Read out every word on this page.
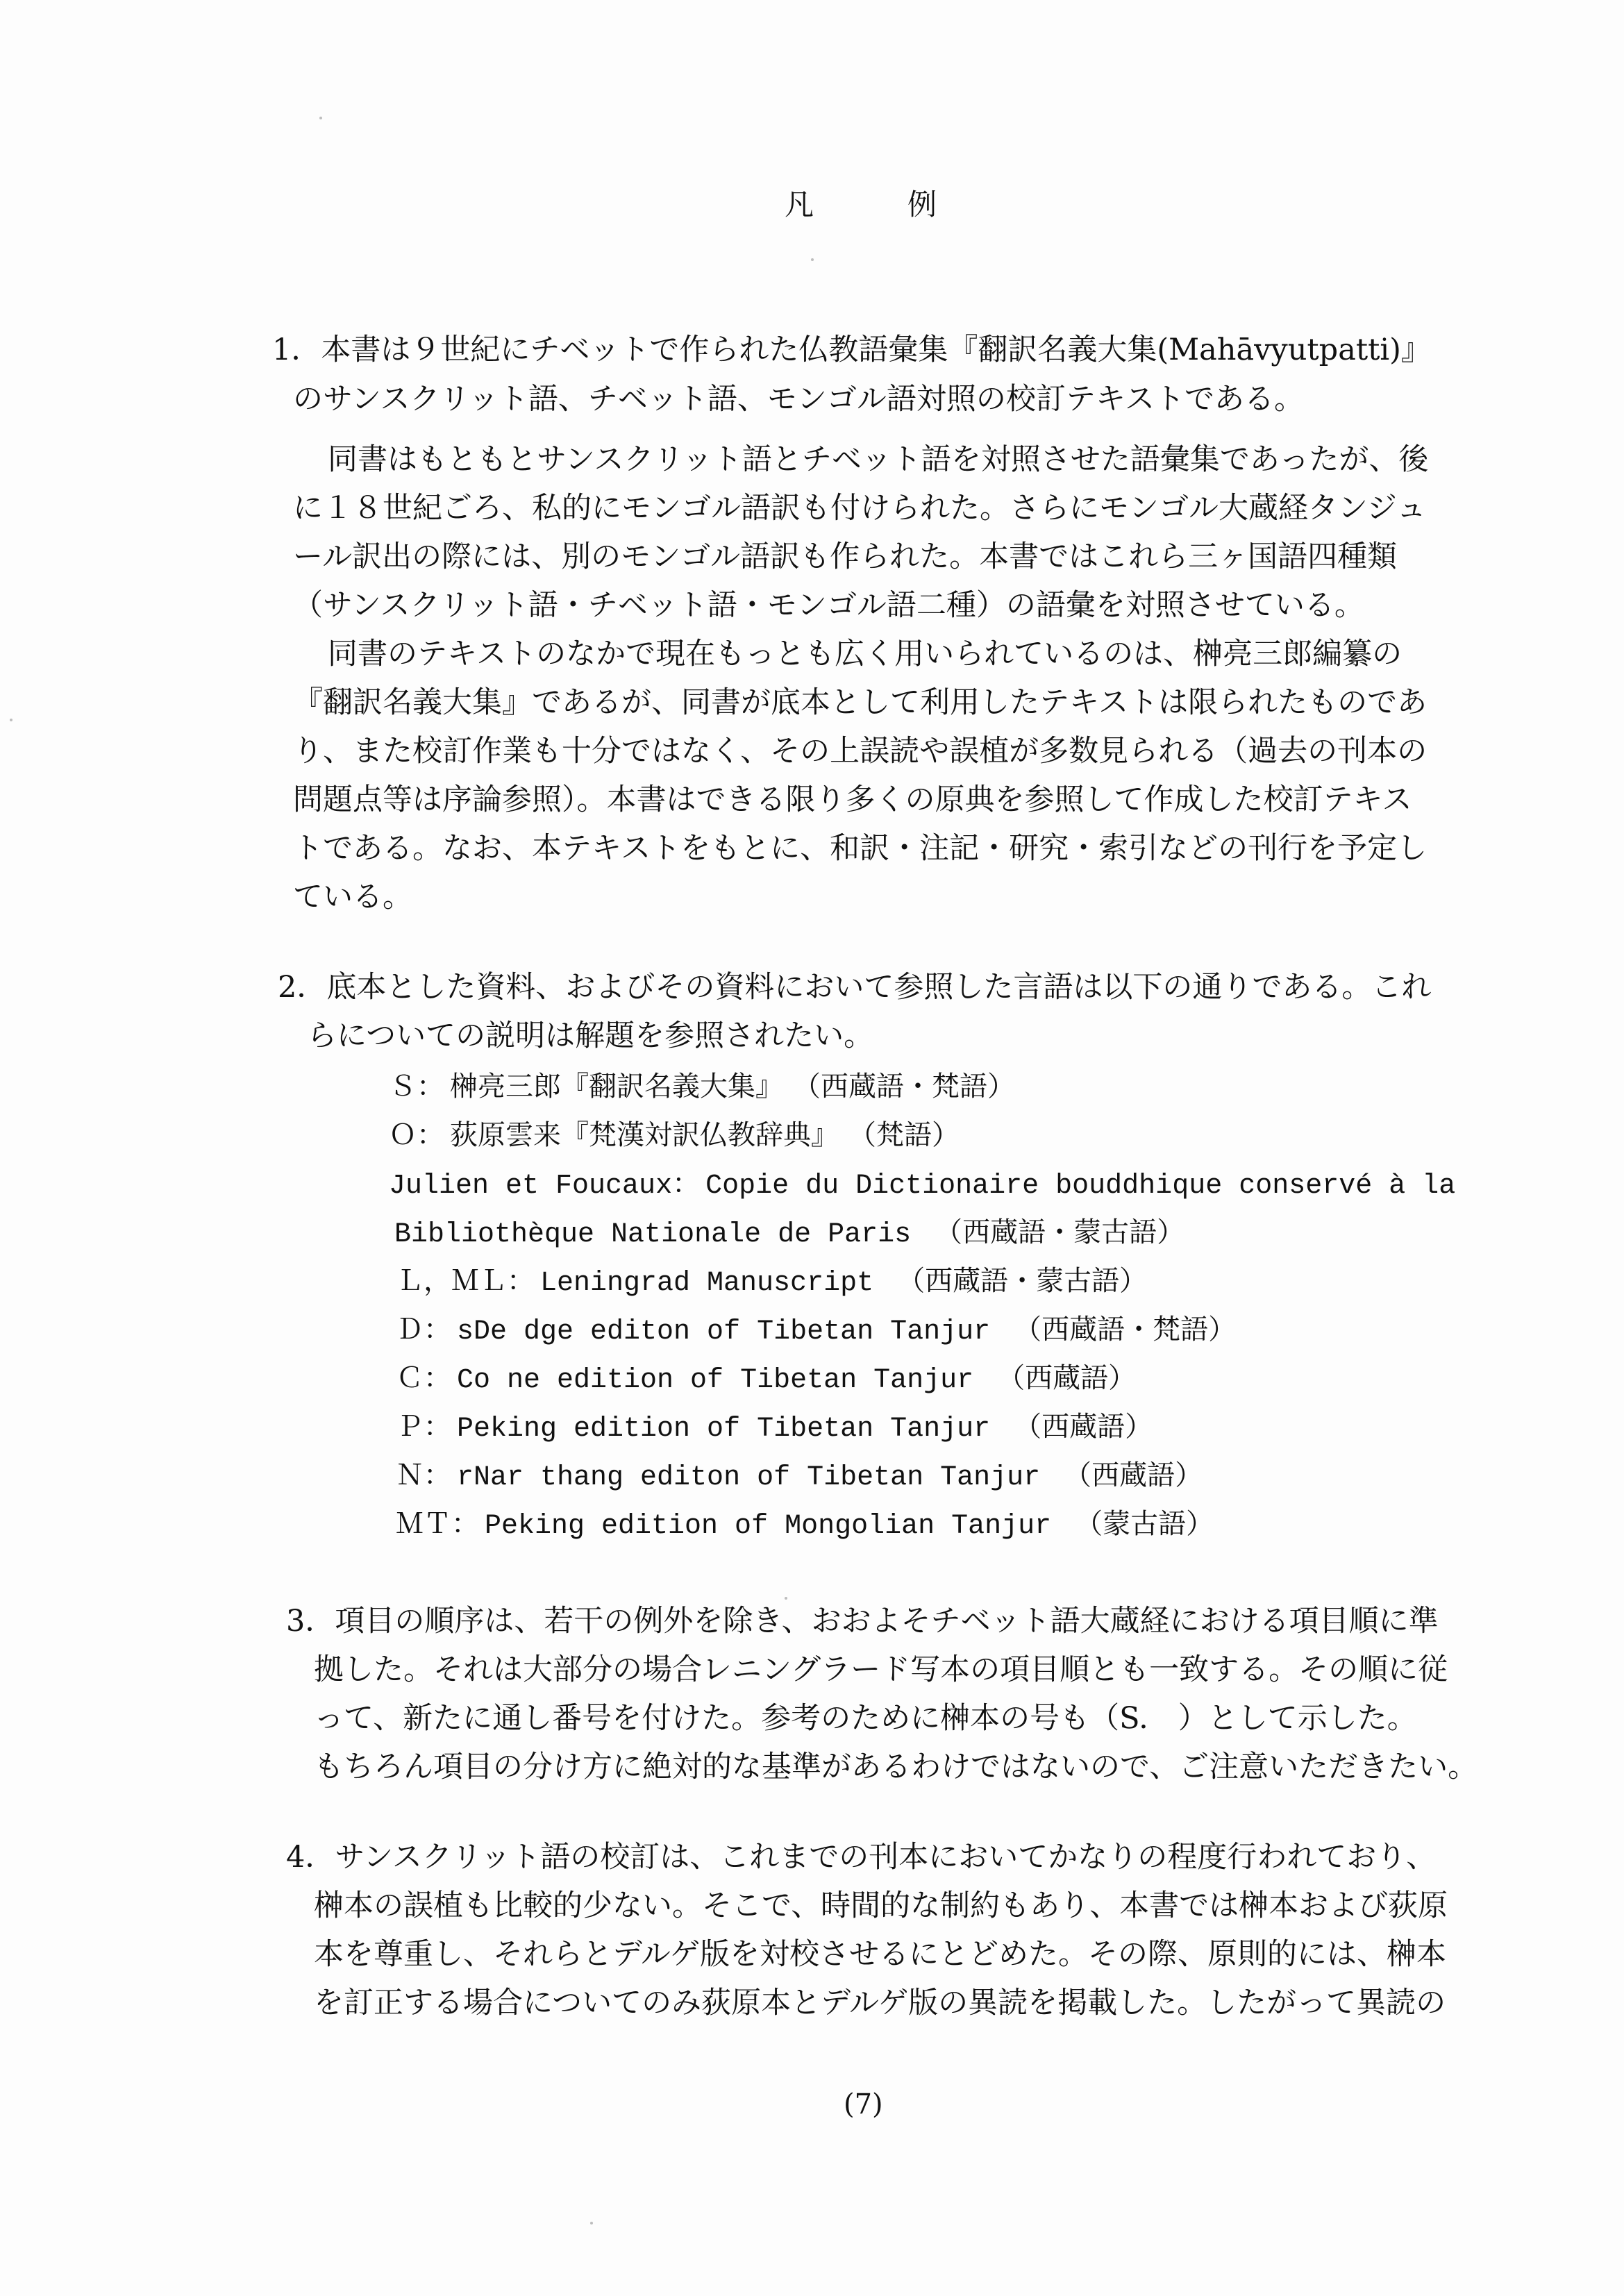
凡	例
1．本書は９世紀にチベットで作られた仏教語彙集『翻訳名義大集(Mahāvyutpatti)』
のサンスクリット語、チベット語、モンゴル語対照の校訂テキストである。
同書はもともとサンスクリット語とチベット語を対照させた語彙集であったが、後
に１８世紀ごろ、私的にモンゴル語訳も付けられた。さらにモンゴル大蔵経タンジュ
ール訳出の際には、別のモンゴル語訳も作られた。本書ではこれら三ヶ国語四種類
（サンスクリット語・チベット語・モンゴル語二種）の語彙を対照させている。
同書のテキストのなかで現在もっとも広く用いられているのは、榊亮三郎編纂の
『翻訳名義大集』であるが、同書が底本として利用したテキストは限られたものであ
り、また校訂作業も十分ではなく、その上誤読や誤植が多数見られる（過去の刊本の
問題点等は序論参照）。本書はできる限り多くの原典を参照して作成した校訂テキス
トである。なお、本テキストをもとに、和訳・注記・研究・索引などの刊行を予定し
ている。
2．底本とした資料、およびその資料において参照した言語は以下の通りである。これ
らについての説明は解題を参照されたい。
Ｓ： 榊亮三郎『翻訳名義大集』 （西蔵語・梵語）
Ｏ： 荻原雲来『梵漢対訳仏教辞典』 （梵語）
Julien et Foucaux： Copie du Dictionaire bouddhique conservé à la
Bibliothèque Nationale de Paris （西蔵語・蒙古語）
Ｌ，ＭＬ： Leningrad Manuscript （西蔵語・蒙古語）
Ｄ： sDe dge editon of Tibetan Tanjur （西蔵語・梵語）
Ｃ： Co ne edition of Tibetan Tanjur （西蔵語）
Ｐ： Peking edition of Tibetan Tanjur （西蔵語）
Ｎ： rNar thang editon of Tibetan Tanjur （西蔵語）
ＭＴ： Peking edition of Mongolian Tanjur （蒙古語）
3．項目の順序は、若干の例外を除き、おおよそチベット語大蔵経における項目順に準
拠した。それは大部分の場合レニングラード写本の項目順とも一致する。その順に従
って、新たに通し番号を付けた。参考のために榊本の号も（S.　）として示した。
もちろん項目の分け方に絶対的な基準があるわけではないので、ご注意いただきたい。
4．サンスクリット語の校訂は、これまでの刊本においてかなりの程度行われており、
榊本の誤植も比較的少ない。そこで、時間的な制約もあり、本書では榊本および荻原
本を尊重し、それらとデルゲ版を対校させるにとどめた。その際、原則的には、榊本
を訂正する場合についてのみ荻原本とデルゲ版の異読を掲載した。したがって異読の
(7)
